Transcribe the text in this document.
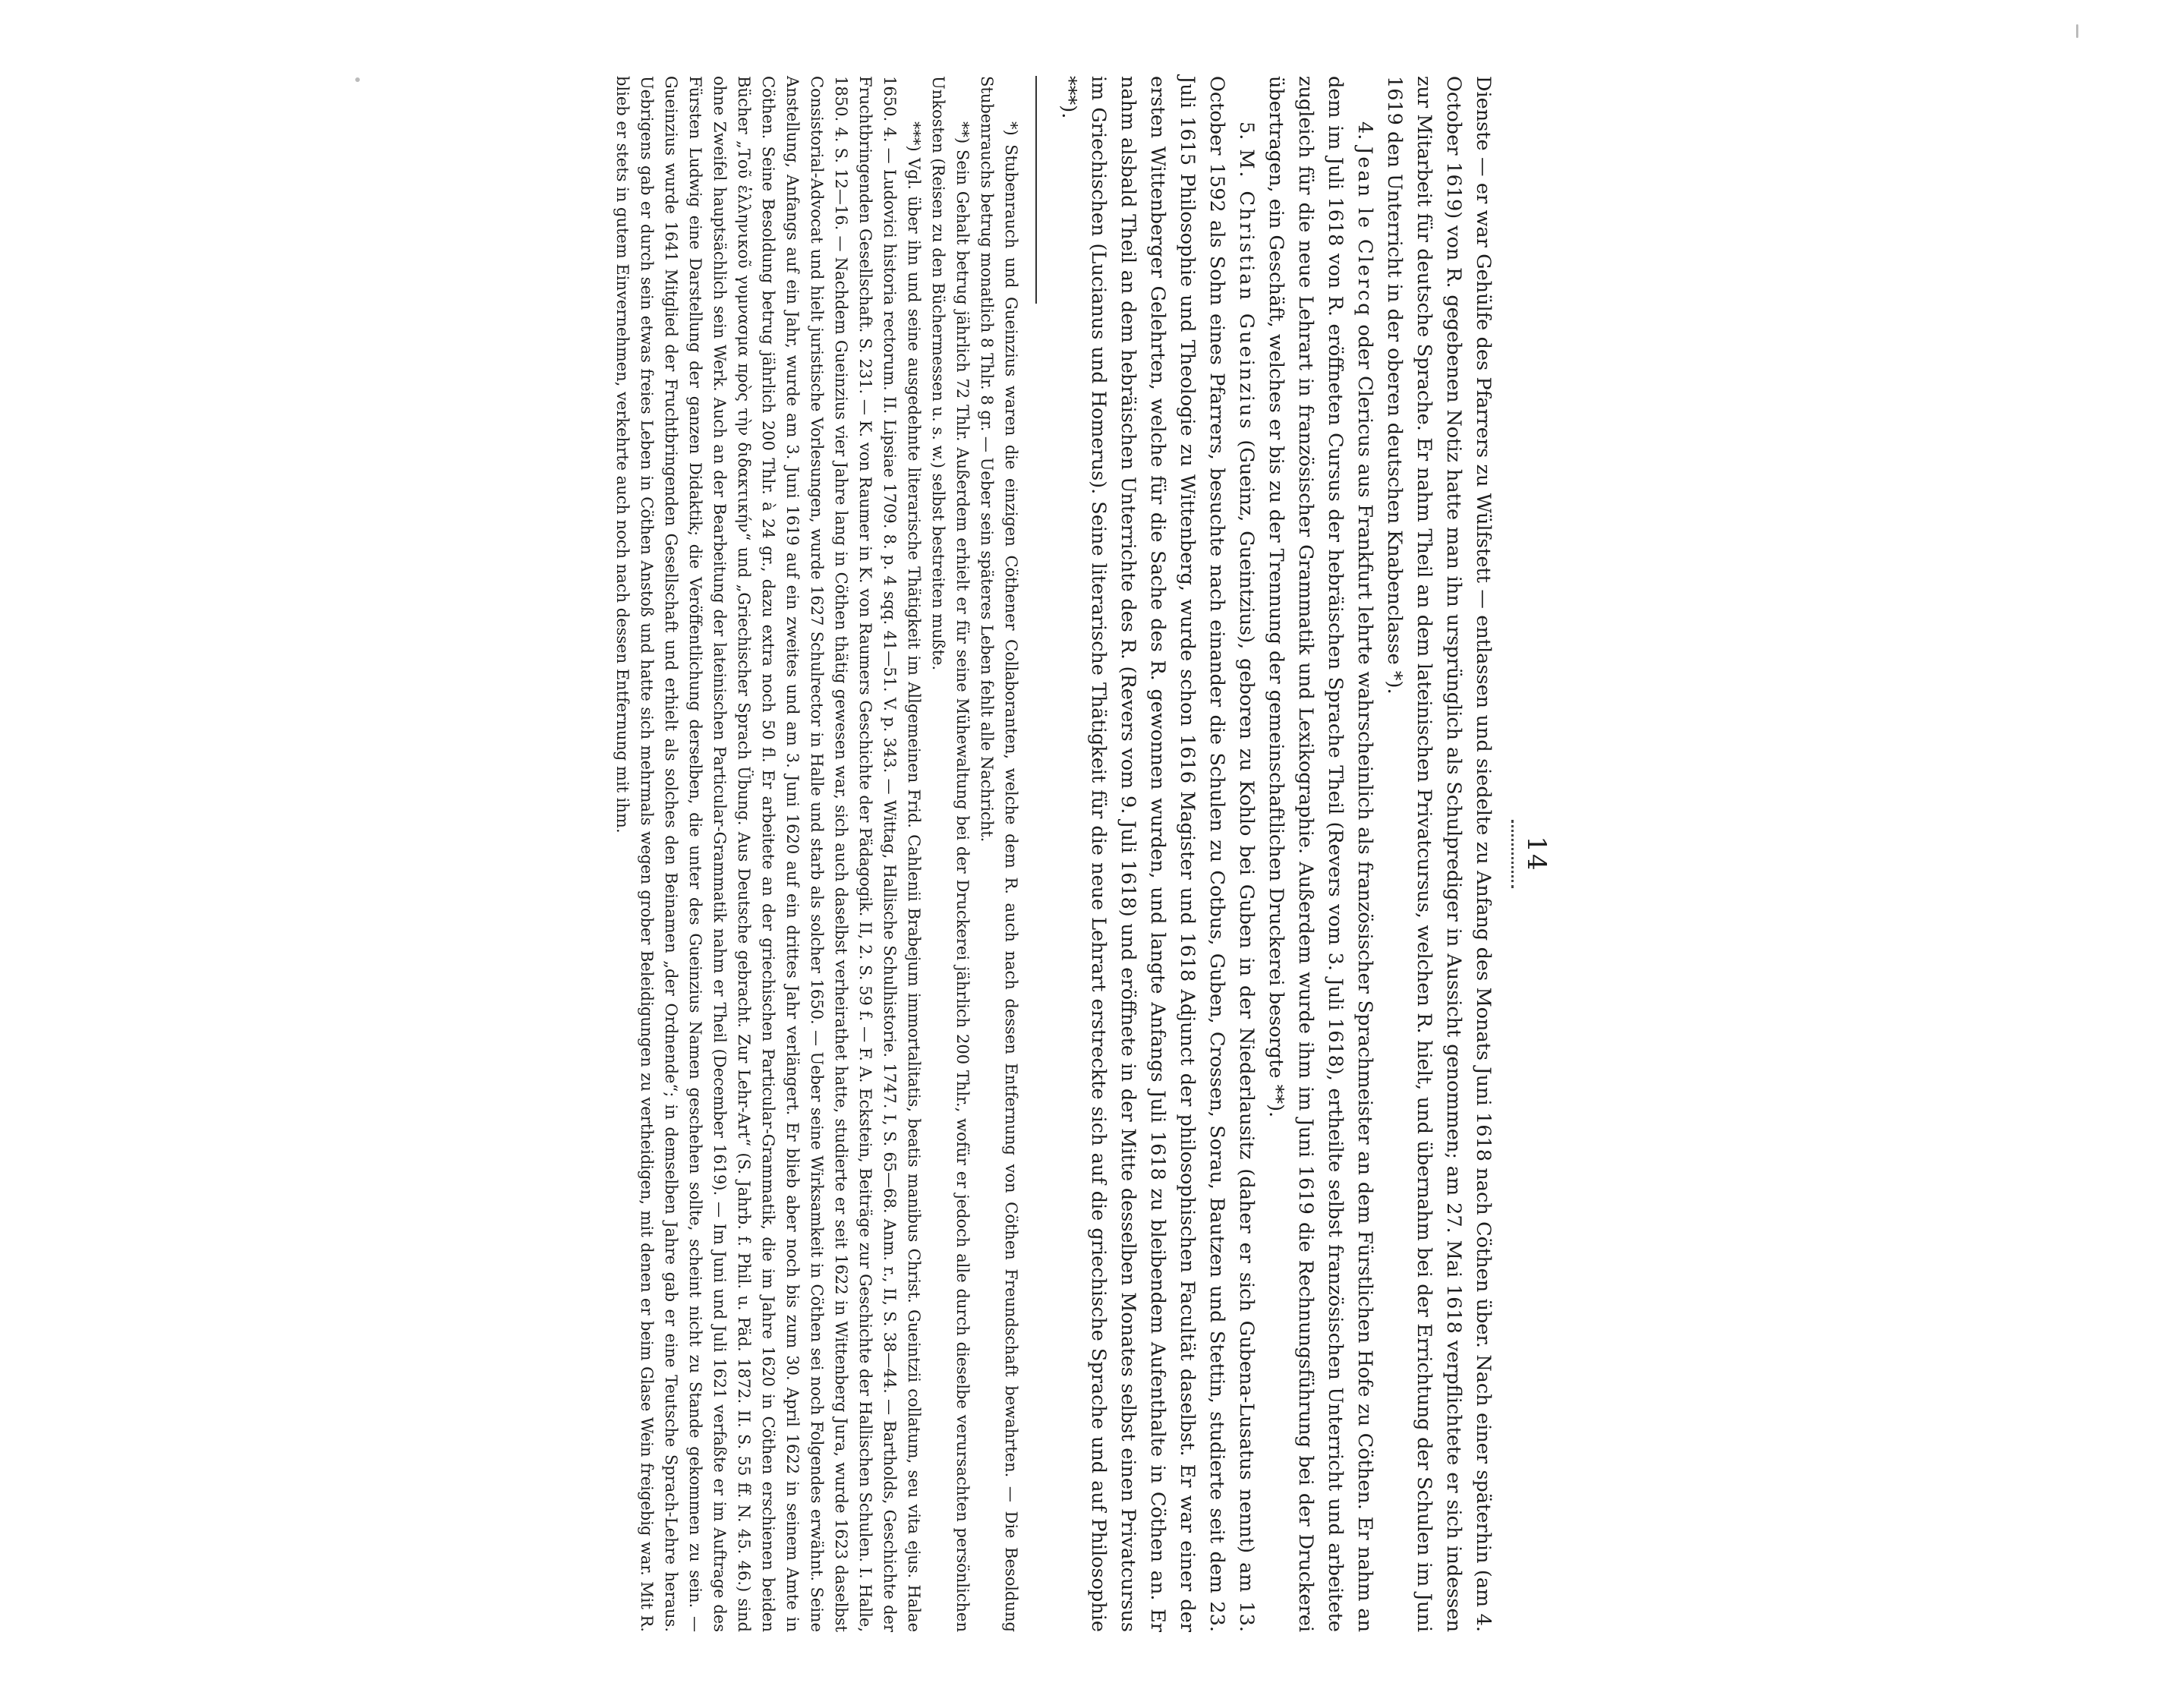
14

Dienste — er war Gehülfe des Pfarrers zu Wülfstett — entlassen und siedelte zu Anfang des Monats Juni 1618 nach Cöthen über. Nach einer späterhin (am 4. October 1619) von R. gegebenen Notiz hatte man ihn ursprünglich als Schulprediger in Aussicht genommen; am 27. Mai 1618 verpflichtete er sich indessen zur Mitarbeit für deutsche Sprache. Er nahm Theil an dem lateinischen Privatcursus, welchen R. hielt, und übernahm bei der Errichtung der Schulen im Juni 1619 den Unterricht in der oberen deutschen Knabenclasse *).

4. Jean le Clercq oder Clericus aus Frankfurt lehrte wahrscheinlich als französischer Sprachmeister an dem Fürstlichen Hofe zu Cöthen. Er nahm an dem im Juli 1618 von R. eröffneten Cursus der hebräischen Sprache Theil (Revers vom 3. Juli 1618), ertheilte selbst französischen Unterricht und arbeitete zugleich für die neue Lehrart in französischer Grammatik und Lexikographie. Außerdem wurde ihm im Juni 1619 die Rechnungsführung bei der Druckerei übertragen, ein Geschäft, welches er bis zu der Trennung der gemeinschaftlichen Druckerei besorgte **).

5. M. Christian Gueinzius (Gueinz, Gueintzius), geboren zu Kohlo bei Guben in der Niederlausitz (daher er sich Gubena-Lusatus nennt) am 13. October 1592 als Sohn eines Pfarrers, besuchte nach einander die Schulen zu Cotbus, Guben, Crossen, Sorau, Bautzen und Stettin, studierte seit dem 23. Juli 1615 Philosophie und Theologie zu Wittenberg, wurde schon 1616 Magister und 1618 Adjunct der philosophischen Facultät daselbst. Er war einer der ersten Wittenberger Gelehrten, welche für die Sache des R. gewonnen wurden, und langte Anfangs Juli 1618 zu bleibendem Aufenthalte in Cöthen an. Er nahm alsbald Theil an dem hebräischen Unterrichte des R. (Revers vom 9. Juli 1618) und eröffnete in der Mitte desselben Monates selbst einen Privatcursus im Griechischen (Lucianus und Homerus). Seine literarische Thätigkeit für die neue Lehrart erstreckte sich auf die griechische Sprache und auf Philosophie ***).

*) Stubenrauch und Gueinzius waren die einzigen Cöthener Collaboranten, welche dem R. auch nach dessen Entfernung von Cöthen Freundschaft bewahrten. — Die Besoldung Stubenrauchs betrug monatlich 8 Thlr. 8 gr. — Ueber sein späteres Leben fehlt alle Nachricht.

**) Sein Gehalt betrug jährlich 72 Thlr. Außerdem erhielt er für seine Mühewaltung bei der Druckerei jährlich 200 Thlr., wofür er jedoch alle durch dieselbe verursachten persönlichen Unkosten (Reisen zu den Büchermessen u. s. w.) selbst bestreiten mußte.

***) Vgl. über ihn und seine ausgedehnte literarische Thätigkeit im Allgemeinen Frid. Cahlenii Brabejum immortalitatis, beatis manibus Christ. Gueintzii collatum, seu vita ejus. Halae 1650. 4. — Ludovici historia rectorum. II. Lipsiae 1709. 8. p. 4 sqq. 41—51. V. p. 343. — Wittag, Hallische Schulhistorie. 1747. I, S. 65—68. Anm. r., II, S. 38—44. — Bartholds, Geschichte der Fruchtbringenden Gesellschaft. S. 231. — K. von Raumer in K. von Raumers Geschichte der Pädagogik. II, 2. S. 59 f. — F. A. Eckstein, Beiträge zur Geschichte der Hallischen Schulen. I. Halle, 1850. 4. S. 12—16. — Nachdem Gueinzius vier Jahre lang in Cöthen thätig gewesen war, sich auch daselbst verheirathet hatte, studierte er seit 1622 in Wittenberg Jura, wurde 1623 daselbst Consistorial-Advocat und hielt juristische Vorlesungen, wurde 1627 Schulrector in Halle und starb als solcher 1650. — Ueber seine Wirksamkeit in Cöthen sei noch Folgendes erwähnt. Seine Anstellung, Anfangs auf ein Jahr, wurde am 3. Juni 1619 auf ein zweites und am 3. Juni 1620 auf ein drittes Jahr verlängert. Er blieb aber noch bis zum 30. April 1622 in seinem Amte in Cöthen. Seine Besoldung betrug jährlich 200 Thlr. à 24 gr., dazu extra noch 50 fl. Er arbeitete an der griechischen Particular-Grammatik, die im Jahre 1620 in Cöthen erschienen beiden Bücher „Τοῦ ἑλληνικοῦ γυμνασμα πρὸς τὴν διδακτικήν“ und „Griechischer Sprach Übung. Aus Deutsche gebracht. Zur Lehr-Art“ (S. Jahrb. f. Phil. u. Päd. 1872. II. S. 55 ff. N. 45. 46.) sind ohne Zweifel hauptsächlich sein Werk. Auch an der Bearbeitung der lateinischen Particular-Grammatik nahm er Theil (December 1619). — Im Juni und Juli 1621 verfaßte er im Auftrage des Fürsten Ludwig eine Darstellung der ganzen Didaktik; die Veröffentlichung derselben, die unter des Gueinzius Namen geschehen sollte, scheint nicht zu Stande gekommen zu sein. — Gueinzius wurde 1641 Mitglied der Fruchtbringenden Gesellschaft und erhielt als solches den Beinamen „der Ordnende“; in demselben Jahre gab er eine Teutsche Sprach-Lehre heraus. Uebrigens gab er durch sein etwas freies Leben in Cöthen Anstoß und hatte sich mehrmals wegen grober Beleidigungen zu vertheidigen, mit denen er beim Glase Wein freigebig war. Mit R. blieb er stets in gutem Einvernehmen, verkehrte auch noch nach dessen Entfernung mit ihm.
